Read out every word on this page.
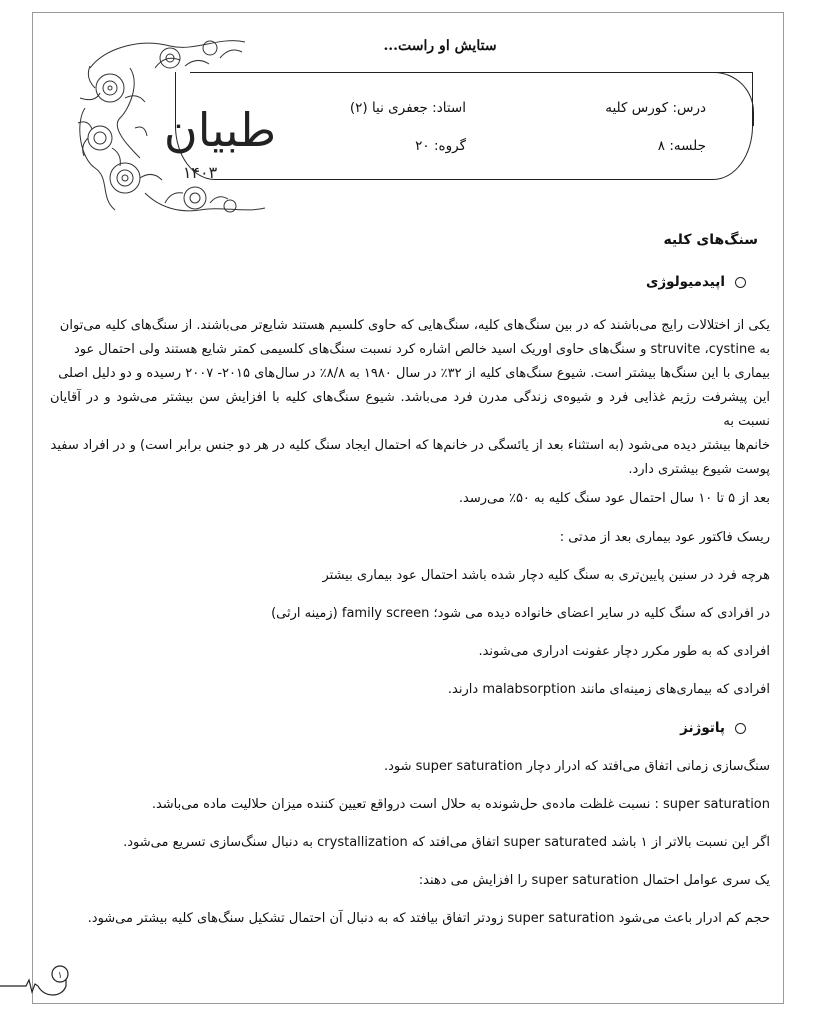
طبیان
۱۴۰۳
ستایش او راست...
درس: کورس کلیه
استاد: جعفری نیا (۲)
جلسه: ۸
گروه: ۲۰
سنگ‌های کلیه
اپیدمیولوژی
یکی از اختلالات رایج می‌باشند که در بین سنگ‌های کلیه، سنگ‌هایی که حاوی کلسیم هستند شایع‌تر می‌باشند. از سنگ‌های کلیه می‌توان
به struvite ،cystine و سنگ‌های حاوی اوریک اسید خالص اشاره کرد نسبت سنگ‌های کلسیمی کمتر شایع هستند ولی احتمال عود
بیماری با این سنگ‌ها بیشتر است. شیوع سنگ‌های کلیه از ۳۲٪ در سال ۱۹۸۰ به ۸/۸٪ در سال‌های ۲۰۱۵- ۲۰۰۷ رسیده و دو دلیل اصلی
این پیشرفت رژیم غذایی فرد و شیوه‌ی زندگی مدرن فرد می‌باشد. شیوع سنگ‌های کلیه با افزایش سن بیشتر می‌شود و در آقایان نسبت به
خانم‌ها بیشتر دیده می‌شود (به استثناء بعد از یائسگی در خانم‌ها که احتمال ایجاد سنگ کلیه در هر دو جنس برابر است) و در افراد سفید
پوست شیوع بیشتری دارد.
بعد از ۵ تا ۱۰ سال احتمال عود سنگ کلیه به ۵۰٪ می‌رسد.
ریسک فاکتور عود بیماری بعد از مدتی :
هرچه فرد در سنین پایین‌تری به سنگ کلیه دچار شده باشد احتمال عود بیماری بیشتر
در افرادی که سنگ کلیه در سایر اعضای خانواده دیده می شود؛ family screen (زمینه ارثی)
افرادی که به طور مکرر دچار عفونت ادراری می‌شوند.
افرادی که بیماری‌های زمینه‌ای مانند malabsorption دارند.
پاتوژنز
سنگ‌سازی زمانی اتفاق می‌افتد که ادرار دچار super saturation شود.
super saturation : نسبت غلظت ماده‌ی حل‌شونده به حلال است درواقع تعیین کننده میزان حلالیت ماده می‌باشد.
اگر این نسبت بالاتر از ۱ باشد super saturated اتفاق می‌افتد که crystallization به دنبال سنگ‌سازی تسریع می‌شود.
یک سری عوامل احتمال super saturation را افزایش می دهند:
حجم کم ادرار باعث می‌شود super saturation زودتر اتفاق بیافتد که به دنبال آن احتمال تشکیل سنگ‌های کلیه بیشتر می‌شود.
۱
